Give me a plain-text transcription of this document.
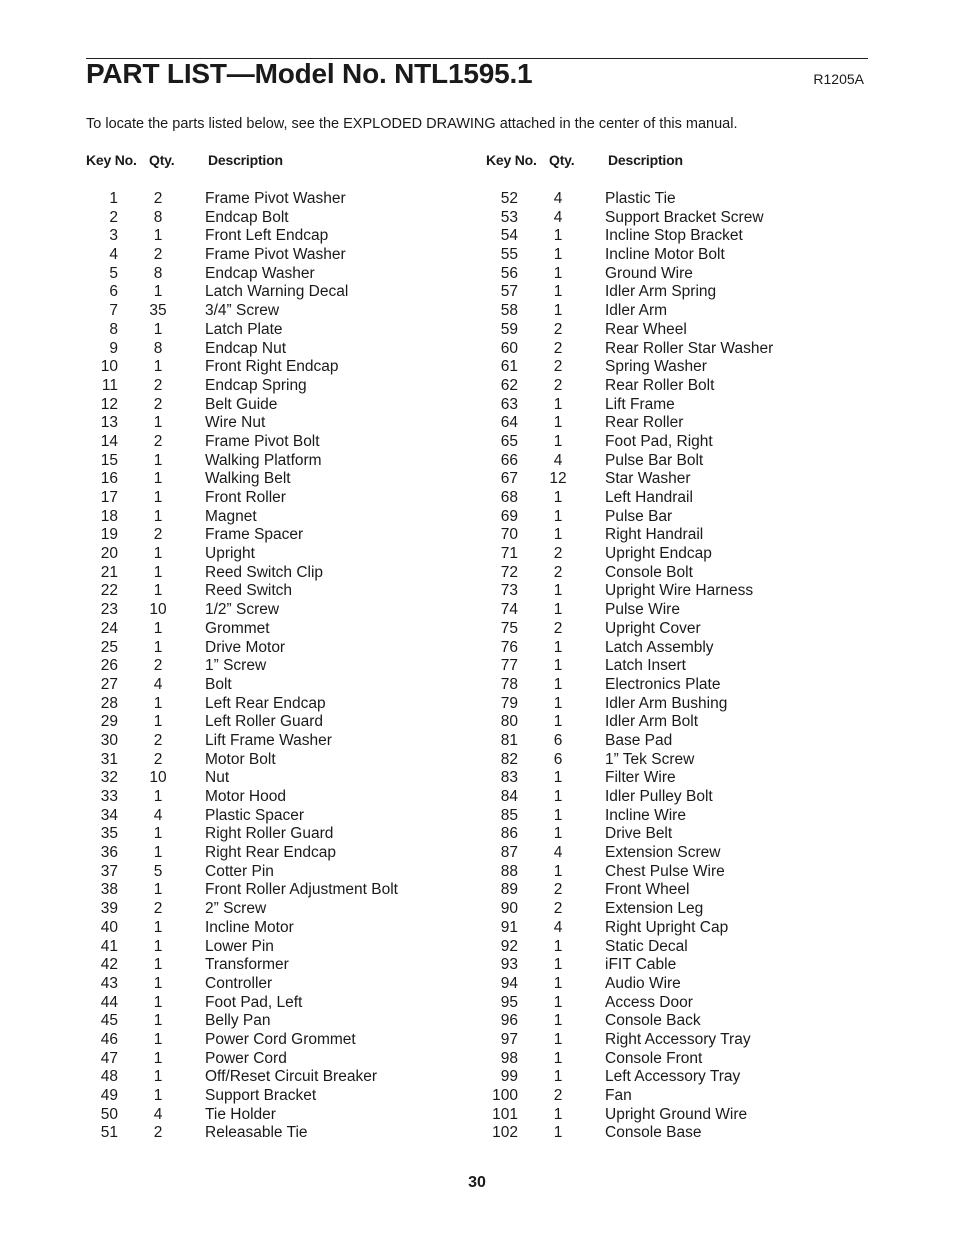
PART LIST—Model No. NTL1595.1	R1205A
To locate the parts listed below, see the EXPLODED DRAWING attached in the center of this manual.
Key No. Qty.	Description
1	2	Frame Pivot Washer
2	8	Endcap Bolt
3	1	Front Left Endcap
4	2	Frame Pivot Washer
5	8	Endcap Washer
6	1	Latch Warning Decal
7	35	3/4” Screw
8	1	Latch Plate
9	8	Endcap Nut
10	1	Front Right Endcap
11	2	Endcap Spring
12	2	Belt Guide
13	1	Wire Nut
14	2	Frame Pivot Bolt
15	1	Walking Platform
16	1	Walking Belt
17	1	Front Roller
18	1	Magnet
19	2	Frame Spacer
20	1	Upright
21	1	Reed Switch Clip
22	1	Reed Switch
23	10	1/2” Screw
24	1	Grommet
25	1	Drive Motor
26	2	1” Screw
27	4	Bolt
28	1	Left Rear Endcap
29	1	Left Roller Guard
30	2	Lift Frame Washer
31	2	Motor Bolt
32	10	Nut
33	1	Motor Hood
34	4	Plastic Spacer
35	1	Right Roller Guard
36	1	Right Rear Endcap
37	5	Cotter Pin
38	1	Front Roller Adjustment Bolt
39	2	2” Screw
40	1	Incline Motor
41	1	Lower Pin
42	1	Transformer
43	1	Controller
44	1	Foot Pad, Left
45	1	Belly Pan
46	1	Power Cord Grommet
47	1	Power Cord
48	1	Off/Reset Circuit Breaker
49	1	Support Bracket
50	4	Tie Holder
51	2	Releasable Tie
Key No. Qty.	Description
52	4	Plastic Tie
53	4	Support Bracket Screw
54	1	Incline Stop Bracket
55	1	Incline Motor Bolt
56	1	Ground Wire
57	1	Idler Arm Spring
58	1	Idler Arm
59	2	Rear Wheel
60	2	Rear Roller Star Washer
61	2	Spring Washer
62	2	Rear Roller Bolt
63	1	Lift Frame
64	1	Rear Roller
65	1	Foot Pad, Right
66	4	Pulse Bar Bolt
67	12	Star Washer
68	1	Left Handrail
69	1	Pulse Bar
70	1	Right Handrail
71	2	Upright Endcap
72	2	Console Bolt
73	1	Upright Wire Harness
74	1	Pulse Wire
75	2	Upright Cover
76	1	Latch Assembly
77	1	Latch Insert
78	1	Electronics Plate
79	1	Idler Arm Bushing
80	1	Idler Arm Bolt
81	6	Base Pad
82	6	1” Tek Screw
83	1	Filter Wire
84	1	Idler Pulley Bolt
85	1	Incline Wire
86	1	Drive Belt
87	4	Extension Screw
88	1	Chest Pulse Wire
89	2	Front Wheel
90	2	Extension Leg
91	4	Right Upright Cap
92	1	Static Decal
93	1	iFIT Cable
94	1	Audio Wire
95	1	Access Door
96	1	Console Back
97	1	Right Accessory Tray
98	1	Console Front
99	1	Left Accessory Tray
100	2	Fan
101	1	Upright Ground Wire
102	1	Console Base
30
